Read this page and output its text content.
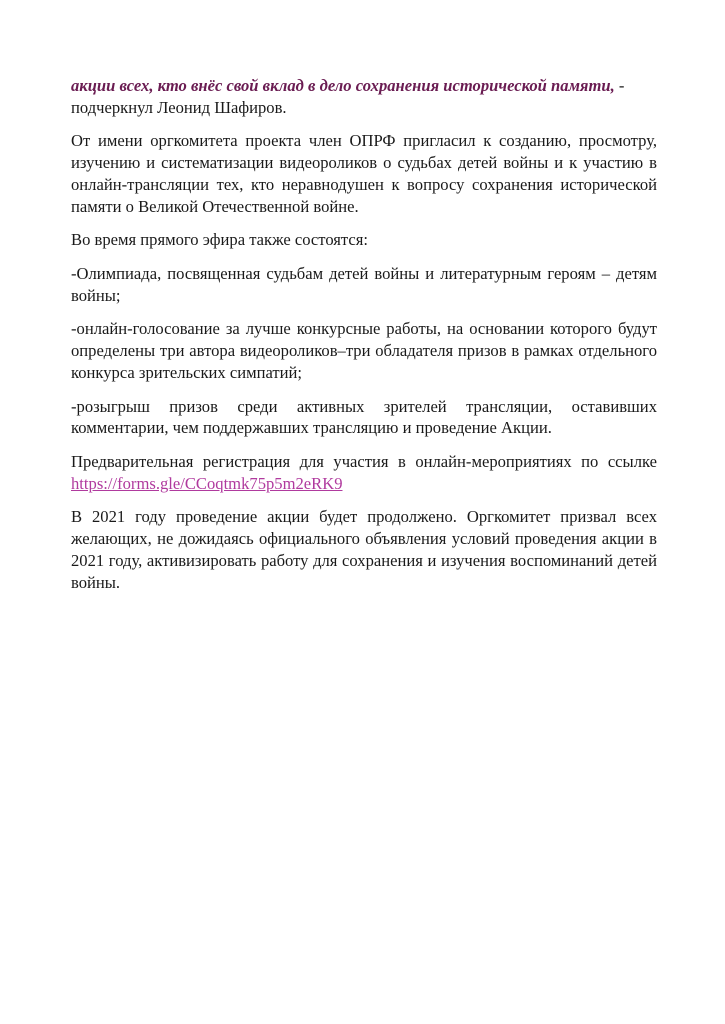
акции всех, кто внёс свой вклад в дело сохранения исторической памяти, -
подчеркнул Леонид Шафиров.

От имени оргкомитета проекта член ОПРФ пригласил к созданию, просмотру, изучению и систематизации видеороликов о судьбах детей войны и к участию в онлайн-трансляции тех, кто неравнодушен к вопросу сохранения исторической памяти о Великой Отечественной войне.

Во время прямого эфира также состоятся:

-Олимпиада, посвященная судьбам детей войны и литературным героям – детям войны;

-онлайн-голосование за лучше конкурсные работы, на основании которого будут определены три автора видеороликов–три обладателя призов в рамках отдельного конкурса зрительских симпатий;

-розыгрыш призов среди активных зрителей трансляции, оставивших комментарии, чем поддержавших трансляцию и проведение Акции.

Предварительная регистрация для участия в онлайн-мероприятиях по ссылке https://forms.gle/CCoqtmk75p5m2eRK9

В 2021 году проведение акции будет продолжено. Оргкомитет призвал всех желающих, не дожидаясь официального объявления условий проведения акции в 2021 году, активизировать работу для сохранения и изучения воспоминаний детей войны.
